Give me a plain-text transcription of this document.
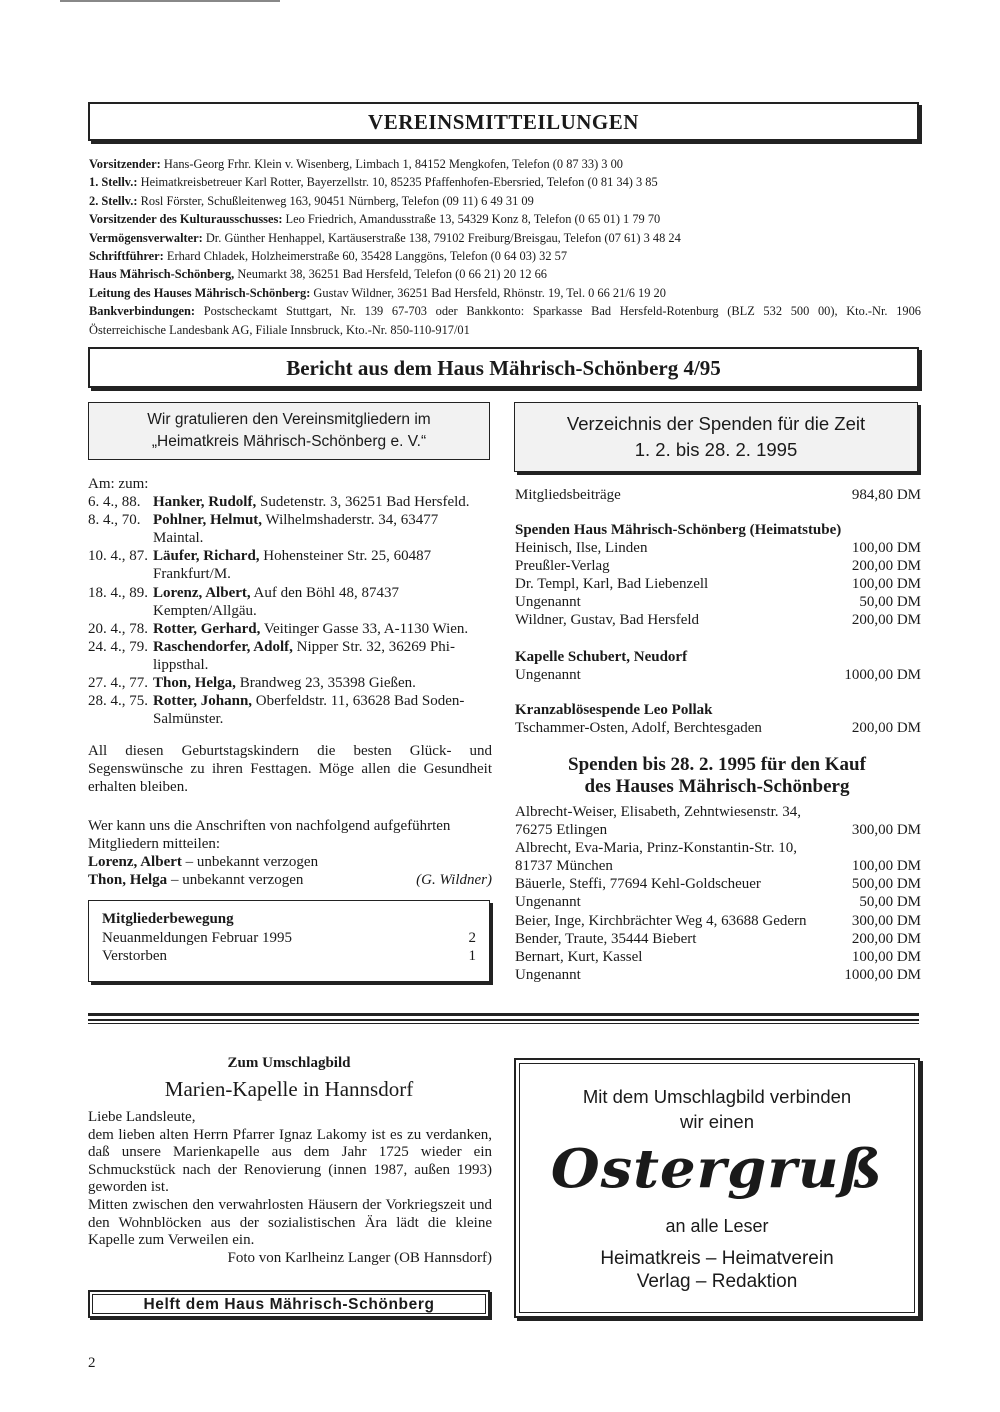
VEREINSMITTEILUNGEN
Vorsitzender: Hans-Georg Frhr. Klein v. Wisenberg, Limbach 1, 84152 Mengkofen, Telefon (0 87 33) 3 00
1. Stellv.: Heimatkreisbetreuer Karl Rotter, Bayerzellstr. 10, 85235 Pfaffenhofen-Ebersried, Telefon (0 81 34) 3 85
2. Stellv.: Rosl Förster, Schußleitenweg 163, 90451 Nürnberg, Telefon (09 11) 6 49 31 09
Vorsitzender des Kulturausschusses: Leo Friedrich, Amandusstraße 13, 54329 Konz 8, Telefon (0 65 01) 1 79 70
Vermögensverwalter: Dr. Günther Henhappel, Kartäuserstraße 138, 79102 Freiburg/Breisgau, Telefon (07 61) 3 48 24
Schriftführer: Erhard Chladek, Holzheimerstraße 60, 35428 Langgöns, Telefon (0 64 03) 32 57
Haus Mährisch-Schönberg, Neumarkt 38, 36251 Bad Hersfeld, Telefon (0 66 21) 20 12 66
Leitung des Hauses Mährisch-Schönberg: Gustav Wildner, 36251 Bad Hersfeld, Rhönstr. 19, Tel. 0 66 21/6 19 20
Bankverbindungen: Postscheckamt Stuttgart, Nr. 139 67-703 oder Bankkonto: Sparkasse Bad Hersfeld-Rotenburg (BLZ 532 500 00), Kto.-Nr. 1906
Österreichische Landesbank AG, Filiale Innsbruck, Kto.-Nr. 850-110-917/01
Bericht aus dem Haus Mährisch-Schönberg 4/95
Wir gratulieren den Vereinsmitgliedern im
„Heimatkreis Mährisch-Schönberg e. V.“
Am: zum:
6. 4., 88. Hanker, Rudolf, Sudetenstr. 3, 36251 Bad Hersfeld.
8. 4., 70. Pohlner, Helmut, Wilhelmshaderstr. 34, 63477
Maintal.
10. 4., 87. Läufer, Richard, Hohensteiner Str. 25, 60487
Frankfurt/M.
18. 4., 89. Lorenz, Albert, Auf den Böhl 48, 87437
Kempten/Allgäu.
20. 4., 78. Rotter, Gerhard, Veitinger Gasse 33, A-1130 Wien.
24. 4., 79. Raschendorfer, Adolf, Nipper Str. 32, 36269 Phi-
lippsthal.
27. 4., 77. Thon, Helga, Brandweg 23, 35398 Gießen.
28. 4., 75. Rotter, Johann, Oberfeldstr. 11, 63628 Bad Soden-
Salmünster.
All diesen Geburtstagskindern die besten Glück- und Segenswünsche zu ihren Festtagen. Möge allen die Gesundheit erhalten bleiben.
Wer kann uns die Anschriften von nachfolgend aufgeführten Mitgliedern mitteilen:
Lorenz, Albert – unbekannt verzogen
Thon, Helga – unbekannt verzogen	(G. Wildner)
Mitgliederbewegung
Neuanmeldungen Februar 1995	2
Verstorben	1
Verzeichnis der Spenden für die Zeit
1. 2. bis 28. 2. 1995
Mitgliedsbeiträge	984,80 DM
Spenden Haus Mährisch-Schönberg (Heimatstube)
Heinisch, Ilse, Linden	100,00 DM
Preußler-Verlag	200,00 DM
Dr. Templ, Karl, Bad Liebenzell	100,00 DM
Ungenannt	50,00 DM
Wildner, Gustav, Bad Hersfeld	200,00 DM
Kapelle Schubert, Neudorf
Ungenannt	1000,00 DM
Kranzablösespende Leo Pollak
Tschammer-Osten, Adolf, Berchtesgaden	200,00 DM
Spenden bis 28. 2. 1995 für den Kauf
des Hauses Mährisch-Schönberg
Albrecht-Weiser, Elisabeth, Zehntwiesenstr. 34,
76275 Etlingen	300,00 DM
Albrecht, Eva-Maria, Prinz-Konstantin-Str. 10,
81737 München	100,00 DM
Bäuerle, Steffi, 77694 Kehl-Goldscheuer	500,00 DM
Ungenannt	50,00 DM
Beier, Inge, Kirchbrächter Weg 4, 63688 Gedern	300,00 DM
Bender, Traute, 35444 Biebert	200,00 DM
Bernart, Kurt, Kassel	100,00 DM
Ungenannt	1000,00 DM
Zum Umschlagbild
Marien-Kapelle in Hannsdorf
Liebe Landsleute,
dem lieben alten Herrn Pfarrer Ignaz Lakomy ist es zu verdanken, daß unsere Marienkapelle aus dem Jahr 1725 wieder ein Schmuckstück nach der Renovierung (innen 1987, außen 1993) geworden ist.
Mitten zwischen den verwahrlosten Häusern der Vorkriegszeit und den Wohnblöcken aus der sozialistischen Ära lädt die kleine Kapelle zum Verweilen ein.
Foto von Karlheinz Langer (OB Hannsdorf)
Helft dem Haus Mährisch-Schönberg
Mit dem Umschlagbild verbinden
wir einen
Ostergruß
an alle Leser
Heimatkreis – Heimatverein
Verlag – Redaktion
2
